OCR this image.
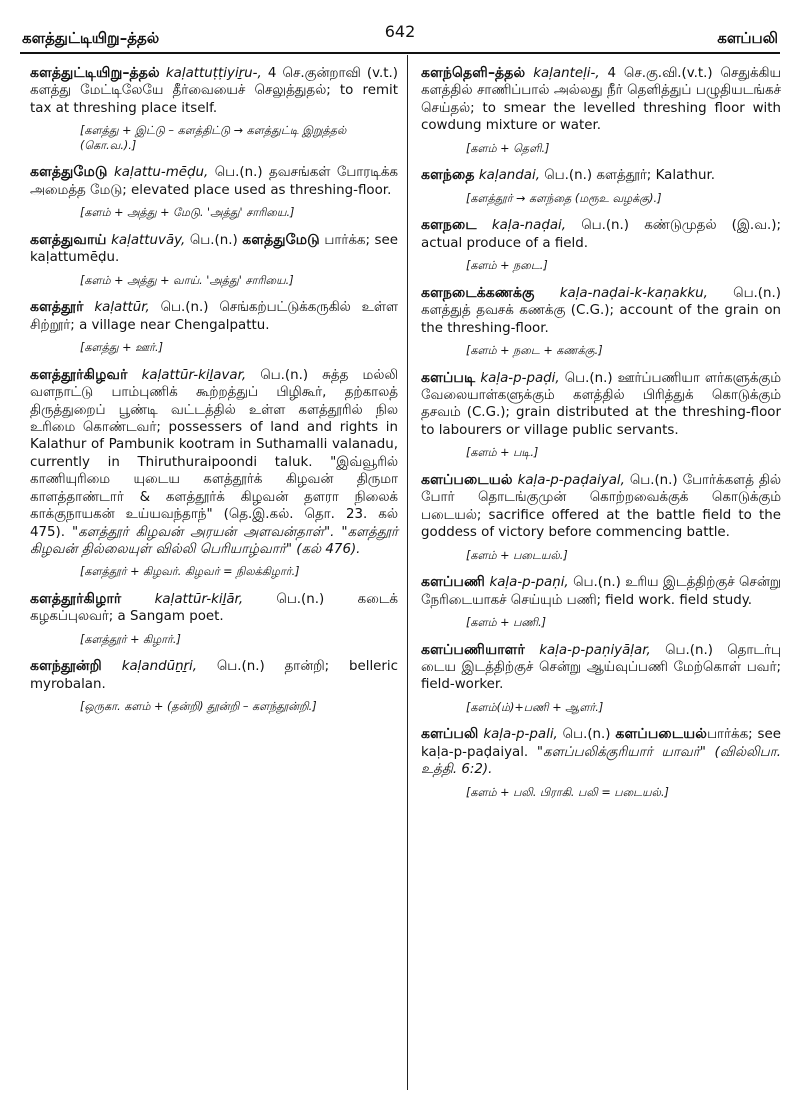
களத்துட்டியிறு–த்தல்	642	களப்பலி

களத்துட்டியிறு–த்தல் kaḷattuṭṭiyiṟu-, 4 செ.குன்றாவி (v.t.) களத்து மேட்டிலேயே தீர்வையைச் செலுத்துதல்; to remit tax at threshing place itself.

[களத்து + இட்டு – களத்திட்டு → களத்துட்டி இறுத்தல் (கொ.வ.).]

களத்துமேடு kaḷattu-mēḍu, பெ.(n.) தவசங்கள் போரடிக்க அமைத்த மேடு; elevated place used as threshing-floor.

[களம் + அத்து + மேடு. 'அத்து' சாரியை.]

களத்துவாய் kaḷattuvāy, பெ.(n.) களத்துமேடு பார்க்க; see kaḷattumēḍu.

[களம் + அத்து + வாய். 'அத்து' சாரியை.]

களத்தூர் kaḷattūr, பெ.(n.) செங்கற்பட்டுக்கருகில் உள்ள சிற்றூர்; a village near Chengalpattu.

[களத்து + ஊர்.]

களத்தூர்கிழவர் kaḷattūr-kiḻavar, பெ.(n.) சுத்த மல்லி வளநாட்டு பாம்புணிக் கூற்றத்துப் பிழிகூர், தற்காலத் திருத்துறைப் பூண்டி வட்டத்தில் உள்ள களத்தூரில் நில உரிமை கொண்டவர்; possessers of land and rights in Kalathur of Pambunik kootram in Suthamalli valanadu, currently in Thiruthuraipoondi taluk. "இவ்வூரில் காணியுரிமை யுடைய களத்தூர்க் கிழவன் திருமா காளத்தாண்டார் & களத்தூர்க் கிழவன் தளரா நிலைக் காக்குநாயகன் உய்யவந்தாந்" (தெ.இ.கல். தொ. 23. கல் 475). "களத்தூர் கிழவன் அரயன் அளவன்தாள்". "களத்தூர் கிழவன் தில்லையுள் வில்லி பெரியாழ்வார்" (கல் 476).

[களத்தூர் + கிழவர். கிழவர் = நிலக்கிழார்.]

களத்தூர்கிழார் kaḷattūr-kiḻār, பெ.(n.) கடைக் கழகப்புலவர்; a Sangam poet.

[களத்தூர் + கிழார்.]

களந்தூன்றி kaḷandūṉṟi, பெ.(n.) தான்றி; belleric myrobalan.

[ஒருகா. களம் + (தன்றி) தூன்றி – களந்தூன்றி.]

களந்தெளி–த்தல் kaḷanteḷi-, 4 செ.கு.வி.(v.t.) செதுக்கிய களத்தில் சாணிப்பால் அல்லது நீர் தெளித்துப் பழுதியடங்கச் செய்தல்; to smear the levelled threshing floor with cowdung mixture or water.

[களம் + தெளி.]

களந்தை kaḷandai, பெ.(n.) களத்தூர்; Kalathur.

[களத்தூர் → களந்தை (மரூஉ வழக்கு).]

களநடை kaḷa-naḍai, பெ.(n.) கண்டுமுதல் (இ.வ.); actual produce of a field.

[களம் + நடை.]

களநடைக்கணக்கு kaḷa-naḍai-k-kaṇakku, பெ.(n.) களத்துத் தவசக் கணக்கு (C.G.); account of the grain on the threshing-floor.

[களம் + நடை + கணக்கு.]

களப்படி kaḷa-p-paḍi, பெ.(n.) ஊர்ப்பணியா ளர்களுக்கும் வேலையாள்களுக்கும் களத்தில் பிரித்துக் கொடுக்கும் தசவம் (C.G.); grain distributed at the threshing-floor to labourers or village public servants.

[களம் + படி.]

களப்படையல் kaḷa-p-paḍaiyal, பெ.(n.) போர்க்களத் தில் போர் தொடங்குமுன் கொற்றவைக்குக் கொடுக்கும் படையல்; sacrifice offered at the battle field to the goddess of victory before commencing battle.

[களம் + படையல்.]

களப்பணி kaḷa-p-paṇi, பெ.(n.) உரிய இடத்திற்குச் சென்று நேரிடையாகச் செய்யும் பணி; field work. field study.

[களம் + பணி.]

களப்பணியாளர் kaḷa-p-paṇiyāḷar, பெ.(n.) தொடர்பு டைய இடத்திற்குச் சென்று ஆய்வுப்பணி மேற்கொள் பவர்; field-worker.

[களம்(ம்)+பணி + ஆளர்.]

களப்பலி kaḷa-p-pali, பெ.(n.) களப்படையல்பார்க்க; see kaḷa-p-paḍaiyal. "களப்பலிக்குரியார் யாவர்" (வில்லிபா. உத்தி. 6:2).

[களம் + பலி. பிராகி. பலி = படையல்.]
